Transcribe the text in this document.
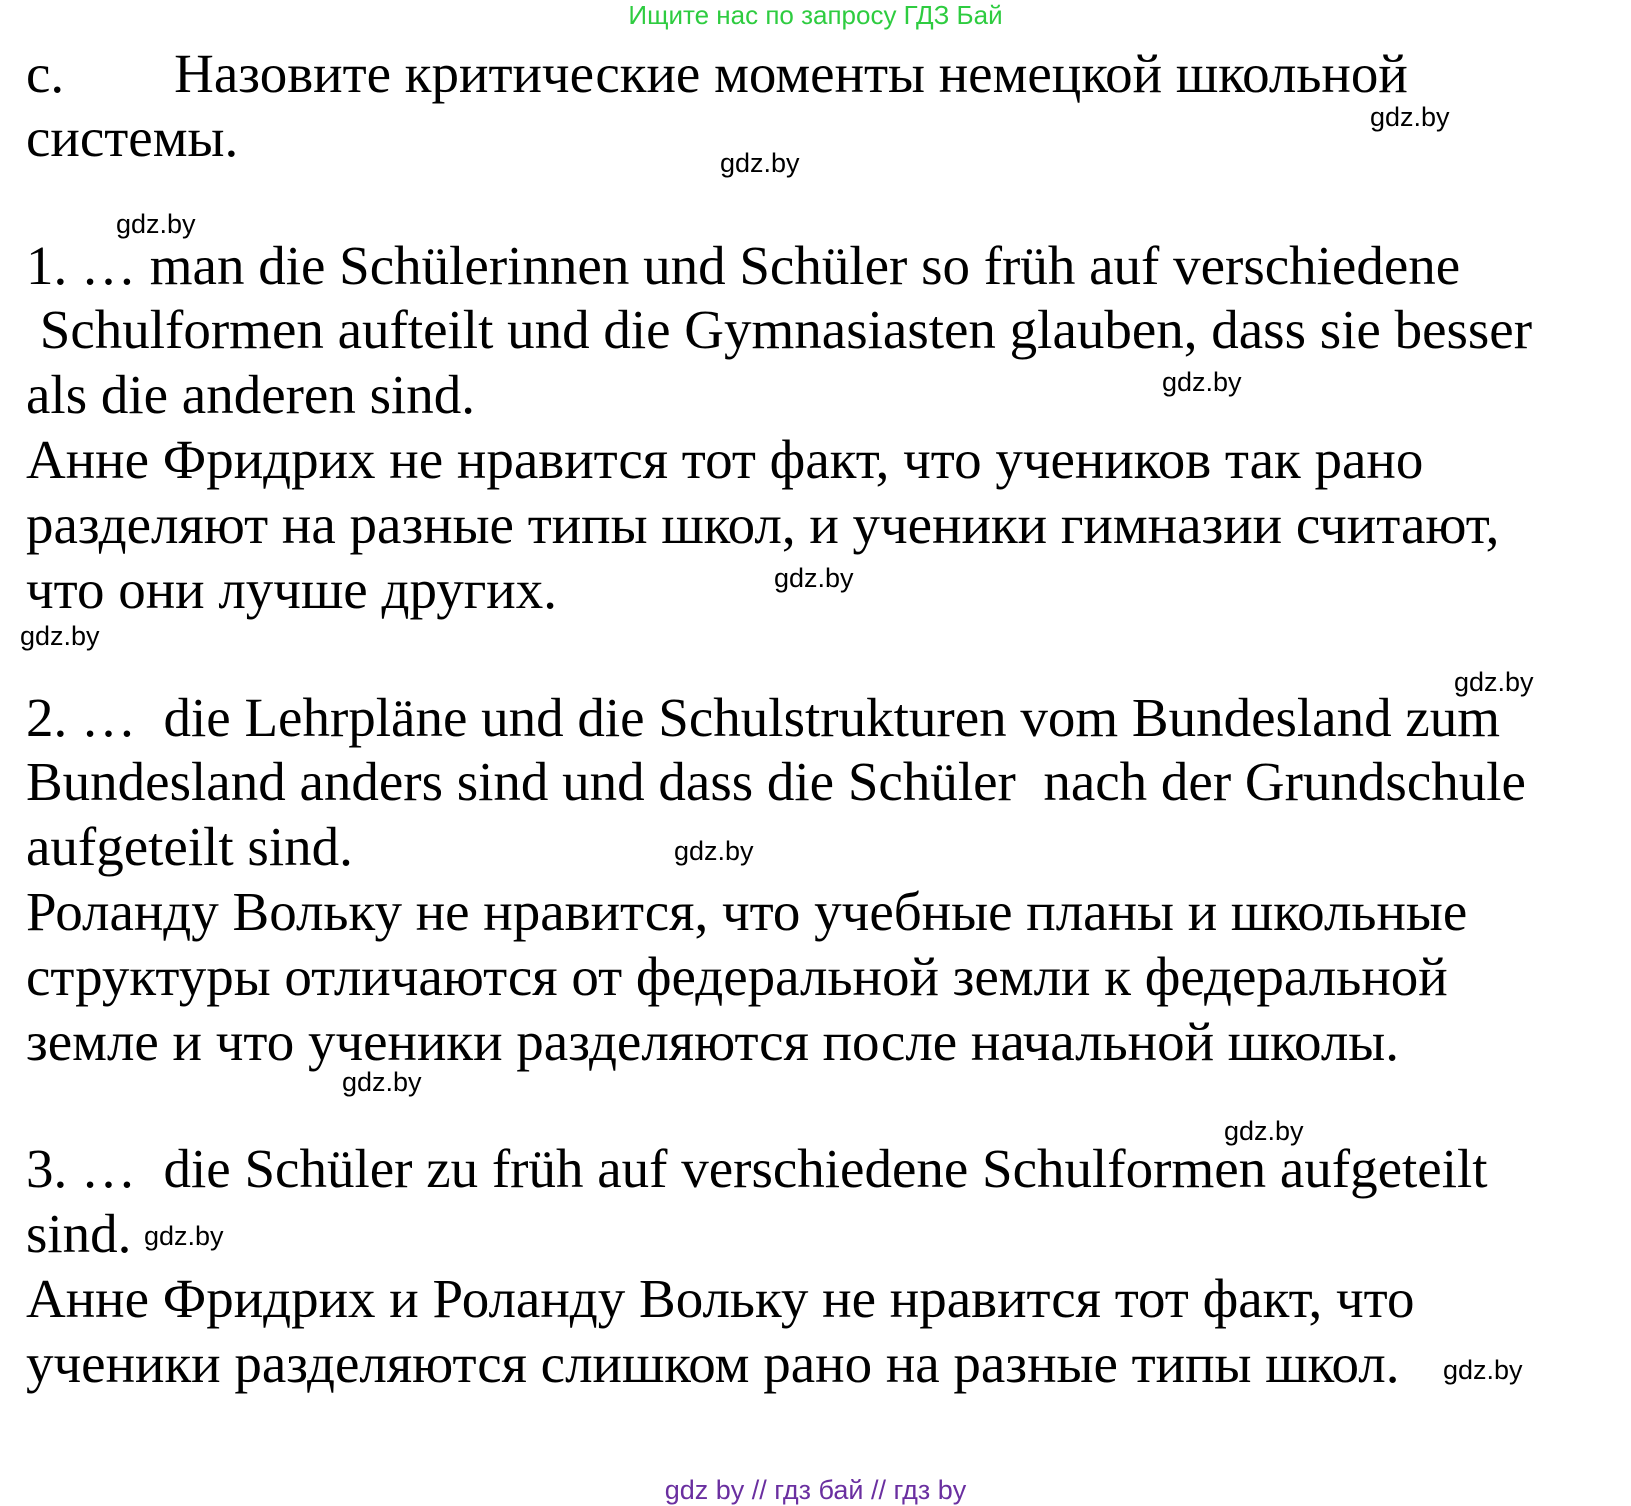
Ищите нас по запросу ГДЗ Бай
c.        Назовите критические моменты немецкой школьной
системы.
1. … man die Schülerinnen und Schüler so früh auf verschiedene
Schulformen aufteilt und die Gymnasiasten glauben, dass sie besser
als die anderen sind.
Анне Фридрих не нравится тот факт, что учеников так рано
разделяют на разные типы школ, и ученики гимназии считают,
что они лучше других.
2. …  die Lehrpläne und die Schulstrukturen vom Bundesland zum
Bundesland anders sind und dass die Schüler  nach der Grundschule
aufgeteilt sind.
Роланду Вольку не нравится, что учебные планы и школьные
структуры отличаются от федеральной земли к федеральной
земле и что ученики разделяются после начальной школы.
3. …  die Schüler zu früh auf verschiedene Schulformen aufgeteilt
sind.
Анне Фридрих и Роланду Вольку не нравится тот факт, что
ученики разделяются слишком рано на разные типы школ.
gdz.by
gdz.by
gdz.by
gdz.by
gdz.by
gdz.by
gdz.by
gdz.by
gdz.by
gdz.by
gdz.by
gdz.by
gdz by // гдз бай // гдз by
